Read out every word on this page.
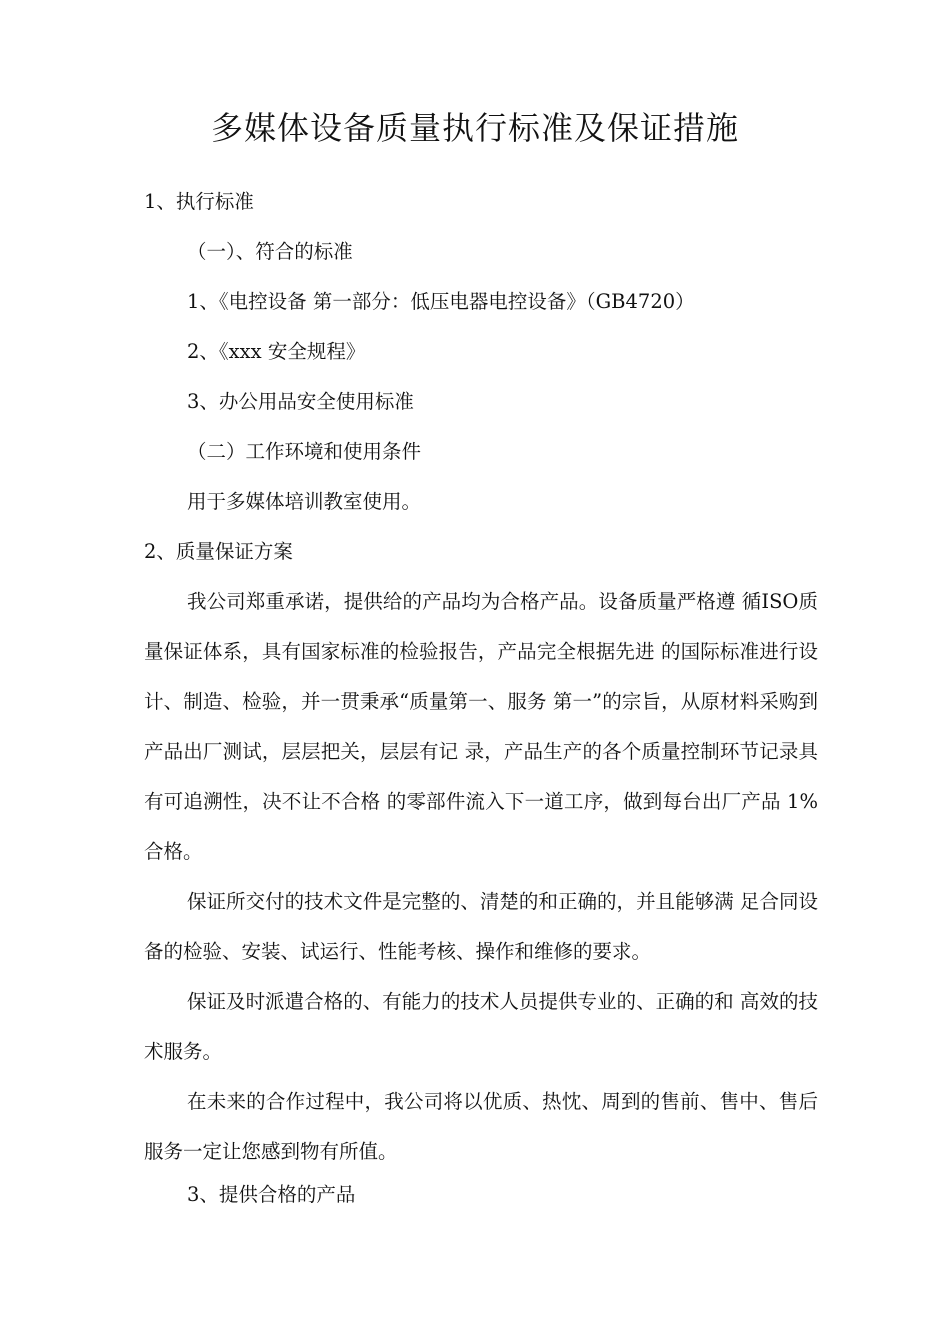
多媒体设备质量执行标准及保证措施
1、执行标准
（一）、符合的标准
1、《电控设备 第一部分：低压电器电控设备》（GB4720）
2、《xxx 安全规程》
3、办公用品安全使用标准
（二）工作环境和使用条件
用于多媒体培训教室使用。
2、质量保证方案
我公司郑重承诺，提供给的产品均为合格产品。设备质量严格遵 循ISO质量保证体系，具有国家标准的检验报告，产品完全根据先进 的国际标准进行设计、制造、检验，并一贯秉承“质量第一、服务 第一”的宗旨，从原材料采购到产品出厂测试，层层把关，层层有记 录，产品生产的各个质量控制环节记录具有可追溯性，决不让不合格 的零部件流入下一道工序，做到每台出厂产品 1%合格。
保证所交付的技术文件是完整的、清楚的和正确的，并且能够满 足合同设备的检验、安装、试运行、性能考核、操作和维修的要求。
保证及时派遣合格的、有能力的技术人员提供专业的、正确的和 高效的技术服务。
在未来的合作过程中，我公司将以优质、热忱、周到的售前、售中、售后服务一定让您感到物有所值。
3、提供合格的产品
